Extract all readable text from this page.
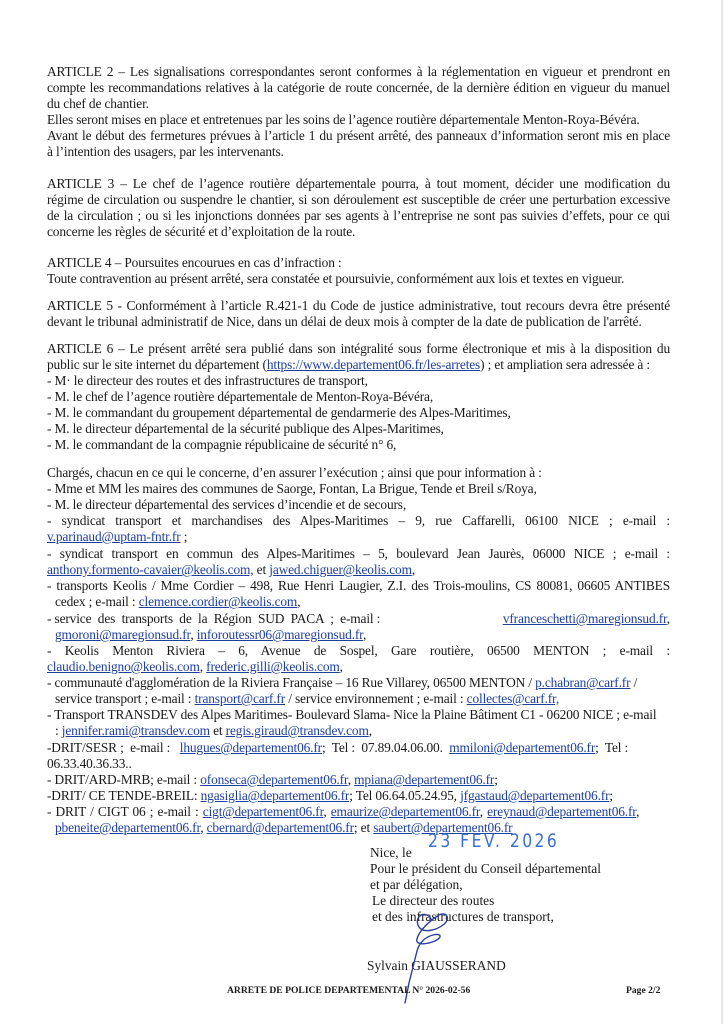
ARTICLE 2 – Les signalisations correspondantes seront conformes à la réglementation en vigueur et prendront en
compte les recommandations relatives à la catégorie de route concernée, de la dernière édition en vigueur du manuel
du chef de chantier.
Elles seront mises en place et entretenues par les soins de l’agence routière départementale Menton-Roya-Bévéra.
Avant le début des fermetures prévues à l’article 1 du présent arrêté, des panneaux d’information seront mis en place
à l’intention des usagers, par les intervenants.
ARTICLE 3 – Le chef de l’agence routière départementale pourra, à tout moment, décider une modification du
régime de circulation ou suspendre le chantier, si son déroulement est susceptible de créer une perturbation excessive
de la circulation ; ou si les injonctions données par ses agents à l’entreprise ne sont pas suivies d’effets, pour ce qui
concerne les règles de sécurité et d’exploitation de la route.
ARTICLE 4 – Poursuites encourues en cas d’infraction :
Toute contravention au présent arrêté, sera constatée et poursuivie, conformément aux lois et textes en vigueur.
ARTICLE 5 - Conformément à l’article R.421-1 du Code de justice administrative, tout recours devra être présenté
devant le tribunal administratif de Nice, dans un délai de deux mois à compter de la date de publication de l'arrêté.
ARTICLE 6 – Le présent arrêté sera publié dans son intégralité sous forme électronique et mis à la disposition du
public sur le site internet du département (https://www.departement06.fr/les-arretes) ; et ampliation sera adressée à :
- M· le directeur des routes et des infrastructures de transport,
- M. le chef de l’agence routière départementale de Menton-Roya-Bévéra,
- M. le commandant du groupement départemental de gendarmerie des Alpes-Maritimes,
- M. le directeur départemental de la sécurité publique des Alpes-Maritimes,
- M. le commandant de la compagnie républicaine de sécurité n° 6,
Chargés, chacun en ce qui le concerne, d’en assurer l’exécution ; ainsi que pour information à :
- Mme et MM les maires des communes de Saorge, Fontan, La Brigue, Tende et Breil s/Roya,
- M. le directeur départemental des services d’incendie et de secours,
- syndicat transport et marchandises des Alpes-Maritimes – 9, rue Caffarelli, 06100 NICE ; e-mail :
v.parinaud@uptam-fntr.fr ;
- syndicat transport en commun des Alpes-Maritimes – 5, boulevard Jean Jaurès, 06000 NICE ; e-mail :
anthony.formento-cavaier@keolis.com, et jawed.chiguer@keolis.com,
- transports Keolis / Mme Cordier – 498, Rue Henri Laugier, Z.I. des Trois-moulins, CS 80081, 06605 ANTIBES
cedex ; e-mail : clemence.cordier@keolis.com,
- service  des  transports  de  la  Région  SUD  PACA  ;  e-mail :	vfranceschetti@maregionsud.fr,
gmoroni@maregionsud.fr, inforoutessr06@maregionsud.fr,
- Keolis Menton Riviera – 6, Avenue de Sospel, Gare routière, 06500 MENTON ; e-mail :
claudio.benigno@keolis.com, frederic.gilli@keolis.com,
- communauté d'agglomération de la Riviera Française – 16 Rue Villarey, 06500 MENTON / p.chabran@carf.fr /
service transport ; e-mail : transport@carf.fr / service environnement ; e-mail : collectes@carf.fr,
- Transport TRANSDEV des Alpes Maritimes- Boulevard Slama- Nice la Plaine Bâtiment C1 - 06200 NICE ; e-mail
: jennifer.rami@transdev.com et regis.giraud@transdev.com,
-DRIT/SESR ;  e-mail :   lhugues@departement06.fr;  Tel :  07.89.04.06.00.  mmiloni@departement06.fr;  Tel :
06.33.40.36.33..
- DRIT/ARD-MRB; e-mail : ofonseca@departement06.fr, mpiana@departement06.fr;
-DRIT/ CE TENDE-BREIL: ngasiglia@departement06.fr; Tel 06.64.05.24.95, jfgastaud@departement06.fr;
- DRIT / CIGT 06 ; e-mail : cigt@departement06.fr, emaurize@departement06.fr, ereynaud@departement06.fr,
pbeneite@departement06.fr, cbernard@departement06.fr; et saubert@departement06.fr
23 FEV. 2026
Nice, le
Pour le président du Conseil départemental
et par délégation,
Le directeur des routes
et des infrastructures de transport,
Sylvain GIAUSSERAND
ARRETE DE POLICE DEPARTEMENTAL N° 2026-02-56	Page 2/2
